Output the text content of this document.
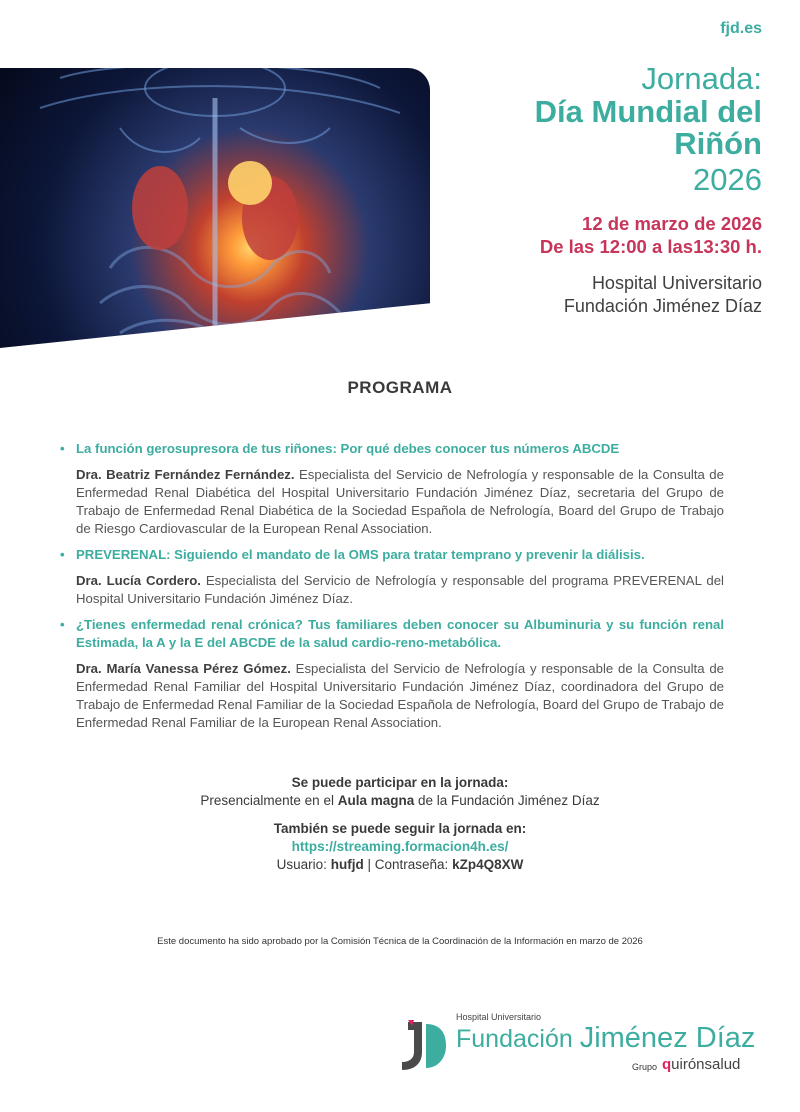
fjd.es
Jornada:
Día Mundial del
Riñón
2026
12 de marzo de 2026
De las 12:00 a las13:30 h.
Hospital Universitario
Fundación Jiménez Díaz
PROGRAMA
• La función gerosupresora de tus riñones: Por qué debes conocer tus números ABCDE
Dra. Beatriz Fernández Fernández. Especialista del Servicio de Nefrología y responsable de la Consulta de Enfermedad Renal Diabética del Hospital Universitario Fundación Jiménez Díaz, secretaria del Grupo de Trabajo de Enfermedad Renal Diabética de la Sociedad Española de Nefrología, Board del Grupo de Trabajo de Riesgo Cardiovascular de la European Renal Association.
• PREVERENAL: Siguiendo el mandato de la OMS para tratar temprano y prevenir la diálisis.
Dra. Lucía Cordero. Especialista del Servicio de Nefrología y responsable del programa PREVERENAL del Hospital Universitario Fundación Jiménez Díaz.
• ¿Tienes enfermedad renal crónica? Tus familiares deben conocer su Albuminuria y su función renal Estimada, la A y la E del ABCDE de la salud cardio-reno-metabólica.
Dra. María Vanessa Pérez Gómez. Especialista del Servicio de Nefrología y responsable de la Consulta de Enfermedad Renal Familiar del Hospital Universitario Fundación Jiménez Díaz, coordinadora del Grupo de Trabajo de Enfermedad Renal Familiar de la Sociedad Española de Nefrología, Board del Grupo de Trabajo de Enfermedad Renal Familiar de la European Renal Association.
Se puede participar en la jornada:
Presencialmente en el Aula magna de la Fundación Jiménez Díaz
También se puede seguir la jornada en:
https://streaming.formacion4h.es/
Usuario: hufjd | Contraseña: kZp4Q8XW
Este documento ha sido aprobado por la Comisión Técnica de la Coordinación de la Información en marzo de 2026
Hospital Universitario
Fundación Jiménez Díaz
Grupo quirónsalud
